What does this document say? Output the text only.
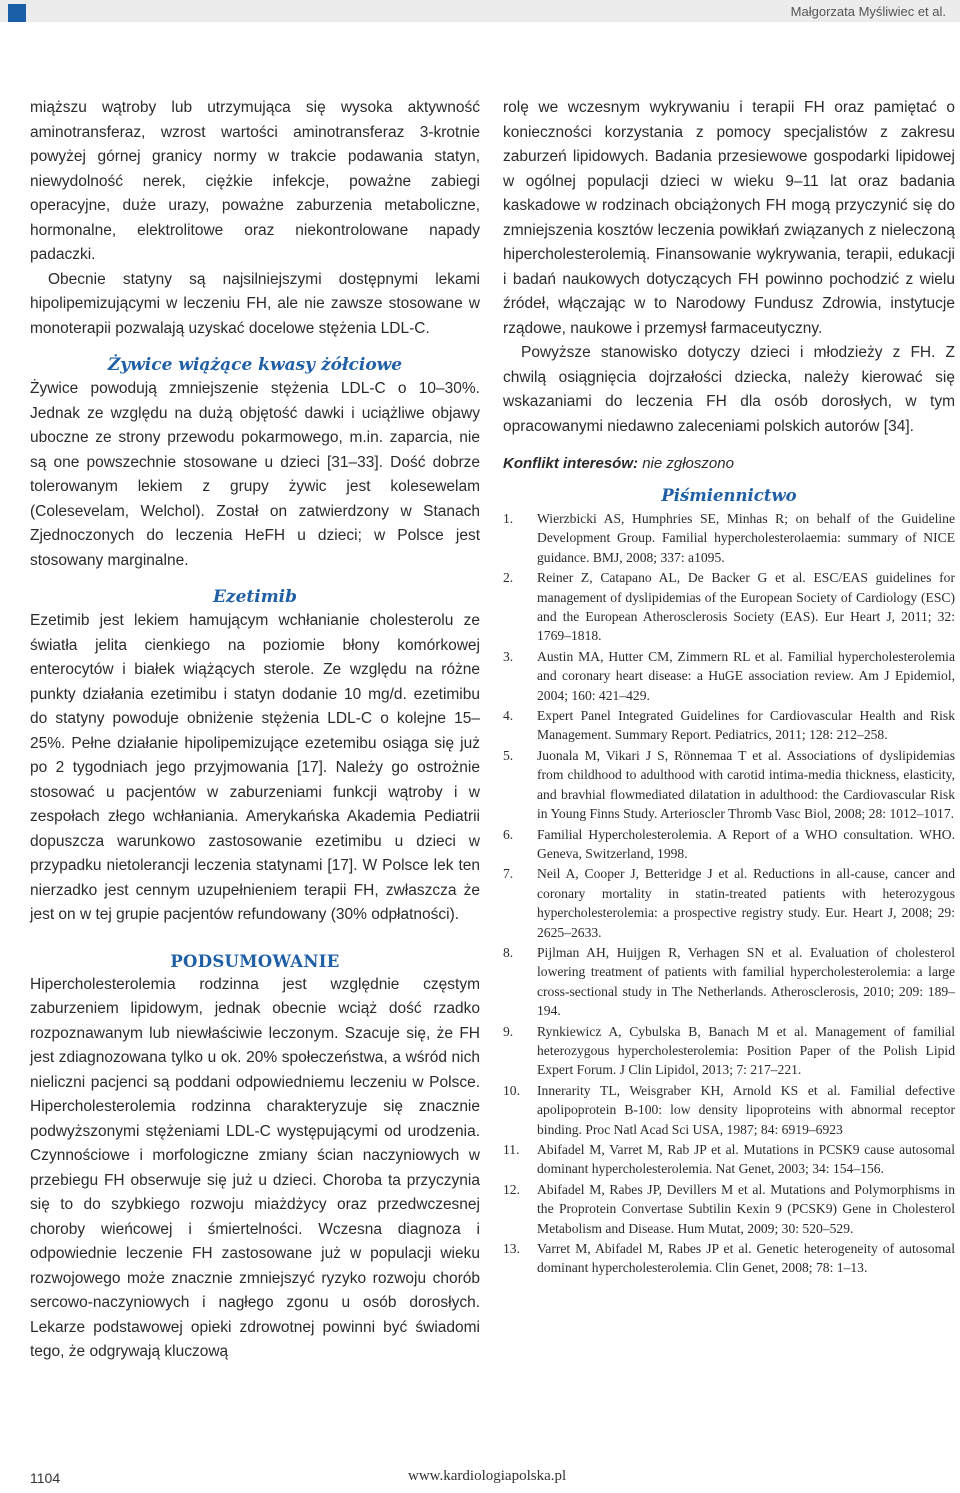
Małgorzata Myśliwiec et al.

miąższu wątroby lub utrzymująca się wysoka aktywność aminotransferaz, wzrost wartości aminotransferaz 3-krotnie powyżej górnej granicy normy w trakcie podawania statyn, niewydolność nerek, ciężkie infekcje, poważne zabiegi operacyjne, duże urazy, poważne zaburzenia metaboliczne, hormonalne, elektrolitowe oraz niekontrolowane napady padaczki.

Obecnie statyny są najsilniejszymi dostępnymi lekami hipolipemizującymi w leczeniu FH, ale nie zawsze stosowane w monoterapii pozwalają uzyskać docelowe stężenia LDL-C.

Żywice wiążące kwasy żółciowe

Żywice powodują zmniejszenie stężenia LDL-C o 10–30%. Jednak ze względu na dużą objętość dawki i uciążliwe objawy uboczne ze strony przewodu pokarmowego, m.in. zaparcia, nie są one powszechnie stosowane u dzieci [31–33]. Dość dobrze tolerowanym lekiem z grupy żywic jest kolesewelam (Colesevelam, Welchol). Został on zatwierdzony w Stanach Zjednoczonych do leczenia HeFH u dzieci; w Polsce jest stosowany marginalne.

Ezetimib

Ezetimib jest lekiem hamującym wchłanianie cholesterolu ze światła jelita cienkiego na poziomie błony komórkowej enterocytów i białek wiążących sterole. Ze względu na różne punkty działania ezetimibu i statyn dodanie 10 mg/d. ezetimibu do statyny powoduje obniżenie stężenia LDL-C o kolejne 15–25%. Pełne działanie hipolipemizujące ezetemibu osiąga się już po 2 tygodniach jego przyjmowania [17]. Należy go ostrożnie stosować u pacjentów w zaburzeniami funkcji wątroby i w zespołach złego wchłaniania. Amerykańska Akademia Pediatrii dopuszcza warunkowo zastosowanie ezetimibu u dzieci w przypadku nietolerancji leczenia statynami [17]. W Polsce lek ten nierzadko jest cennym uzupełnieniem terapii FH, zwłaszcza że jest on w tej grupie pacjentów refundowany (30% odpłatności).

PODSUMOWANIE

Hipercholesterolemia rodzinna jest względnie częstym zaburzeniem lipidowym, jednak obecnie wciąż dość rzadko rozpoznawanym lub niewłaściwie leczonym. Szacuje się, że FH jest zdiagnozowana tylko u ok. 20% społeczeństwa, a wśród nich nieliczni pacjenci są poddani odpowiedniemu leczeniu w Polsce. Hipercholesterolemia rodzinna charakteryzuje się znacznie podwyższonymi stężeniami LDL-C występującymi od urodzenia. Czynnościowe i morfologiczne zmiany ścian naczyniowych w przebiegu FH obserwuje się już u dzieci. Choroba ta przyczynia się to do szybkiego rozwoju miażdżycy oraz przedwczesnej choroby wieńcowej i śmiertelności. Wczesna diagnoza i odpowiednie leczenie FH zastosowane już w populacji wieku rozwojowego może znacznie zmniejszyć ryzyko rozwoju chorób sercowo-naczyniowych i nagłego zgonu u osób dorosłych. Lekarze podstawowej opieki zdrowotnej powinni być świadomi tego, że odgrywają kluczową

rolę we wczesnym wykrywaniu i terapii FH oraz pamiętać o konieczności korzystania z pomocy specjalistów z zakresu zaburzeń lipidowych. Badania przesiewowe gospodarki lipidowej w ogólnej populacji dzieci w wieku 9–11 lat oraz badania kaskadowe w rodzinach obciążonych FH mogą przyczynić się do zmniejszenia kosztów leczenia powikłań związanych z nieleczoną hipercholesterolemią. Finansowanie wykrywania, terapii, edukacji i badań naukowych dotyczących FH powinno pochodzić z wielu źródeł, włączając w to Narodowy Fundusz Zdrowia, instytucje rządowe, naukowe i przemysł farmaceutyczny.

Powyższe stanowisko dotyczy dzieci i młodzieży z FH. Z chwilą osiągnięcia dojrzałości dziecka, należy kierować się wskazaniami do leczenia FH dla osób dorosłych, w tym opracowanymi niedawno zaleceniami polskich autorów [34].

Konflikt interesów: nie zgłoszono
Piśmiennictwo
1.	Wierzbicki AS, Humphries SE, Minhas R; on behalf of the Guideline Development Group. Familial hypercholesterolaemia: summary of NICE guidance. BMJ, 2008; 337: a1095.
2.	Reiner Z, Catapano AL, De Backer G et al. ESC/EAS guidelines for management of dyslipidemias of the European Society of Cardiology (ESC) and the European Atherosclerosis Society (EAS). Eur Heart J, 2011; 32: 1769–1818.
3.	Austin MA, Hutter CM, Zimmern RL et al. Familial hypercholesterolemia and coronary heart disease: a HuGE association review. Am J Epidemiol, 2004; 160: 421–429.
4.	Expert Panel Integrated Guidelines for Cardiovascular Health and Risk Management. Summary Report. Pediatrics, 2011; 128: 212–258.
5.	Juonala M, Vikari J S, Rönnemaa T et al. Associations of dyslipidemias from childhood to adulthood with carotid intima-media thickness, elasticity, and bravhial flowmediated dilatation in adulthood: the Cardiovascular Risk in Young Finns Study. Arterioscler Thromb Vasc Biol, 2008; 28: 1012–1017.
6.	Familial Hypercholesterolemia. A Report of a WHO consultation. WHO. Geneva, Switzerland, 1998.
7.	Neil A, Cooper J, Betteridge J et al. Reductions in all-cause, cancer and coronary mortality in statin-treated patients with heterozygous hypercholesterolemia: a prospective registry study. Eur. Heart J, 2008; 29: 2625–2633.
8.	Pijlman AH, Huijgen R, Verhagen SN et al. Evaluation of cholesterol lowering treatment of patients with familial hypercholesterolemia: a large cross-sectional study in The Netherlands. Atherosclerosis, 2010; 209: 189–194.
9.	Rynkiewicz A, Cybulska B, Banach M et al. Management of familial heterozygous hypercholesterolemia: Position Paper of the Polish Lipid Expert Forum. J Clin Lipidol, 2013; 7: 217–221.
10.	Innerarity TL, Weisgraber KH, Arnold KS et al. Familial defective apolipoprotein B-100: low density lipoproteins with abnormal receptor binding. Proc Natl Acad Sci USA, 1987; 84: 6919–6923
11.	Abifadel M, Varret M, Rab JP et al. Mutations in PCSK9 cause autosomal dominant hypercholesterolemia. Nat Genet, 2003; 34: 154–156.
12.	Abifadel M, Rabes JP, Devillers M et al. Mutations and Polymorphisms in the Proprotein Convertase Subtilin Kexin 9 (PCSK9) Gene in Cholesterol Metabolism and Disease. Hum Mutat, 2009; 30: 520–529.
13.	Varret M, Abifadel M, Rabes JP et al. Genetic heterogeneity of autosomal dominant hypercholesterolemia. Clin Genet, 2008; 78: 1–13.
1104	www.kardiologiapolska.pl
